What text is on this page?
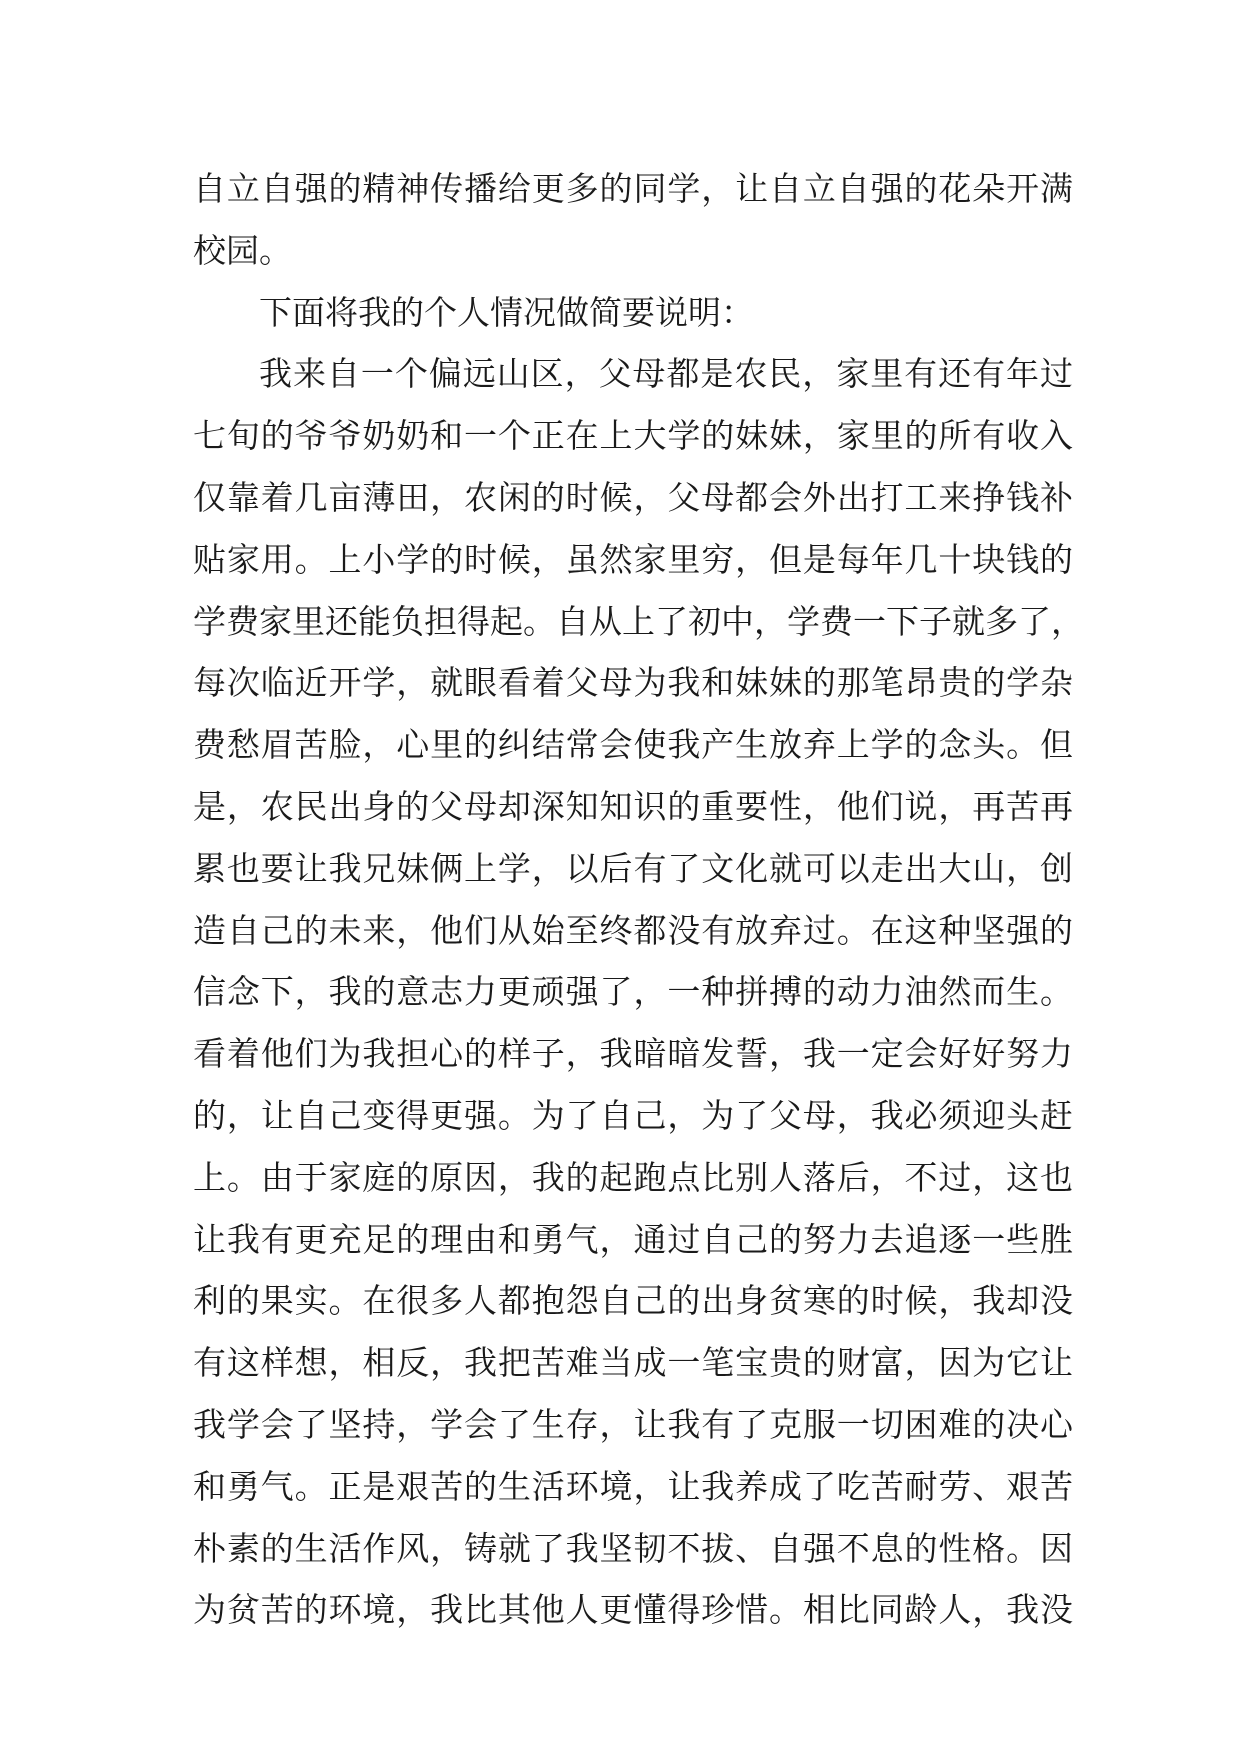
自立自强的精神传播给更多的同学，让自立自强的花朵开满
校园。
下面将我的个人情况做简要说明：
我来自一个偏远山区，父母都是农民，家里有还有年过
七旬的爷爷奶奶和一个正在上大学的妹妹，家里的所有收入
仅靠着几亩薄田，农闲的时候，父母都会外出打工来挣钱补
贴家用。上小学的时候，虽然家里穷，但是每年几十块钱的
学费家里还能负担得起。自从上了初中，学费一下子就多了，
每次临近开学，就眼看着父母为我和妹妹的那笔昂贵的学杂
费愁眉苦脸，心里的纠结常会使我产生放弃上学的念头。但
是，农民出身的父母却深知知识的重要性，他们说，再苦再
累也要让我兄妹俩上学，以后有了文化就可以走出大山，创
造自己的未来，他们从始至终都没有放弃过。在这种坚强的
信念下，我的意志力更顽强了，一种拼搏的动力油然而生。
看着他们为我担心的样子，我暗暗发誓，我一定会好好努力
的，让自己变得更强。为了自己，为了父母，我必须迎头赶
上。由于家庭的原因，我的起跑点比别人落后，不过，这也
让我有更充足的理由和勇气，通过自己的努力去追逐一些胜
利的果实。在很多人都抱怨自己的出身贫寒的时候，我却没
有这样想，相反，我把苦难当成一笔宝贵的财富，因为它让
我学会了坚持，学会了生存，让我有了克服一切困难的决心
和勇气。正是艰苦的生活环境，让我养成了吃苦耐劳、艰苦
朴素的生活作风，铸就了我坚韧不拔、自强不息的性格。因
为贫苦的环境，我比其他人更懂得珍惜。相比同龄人，我没
